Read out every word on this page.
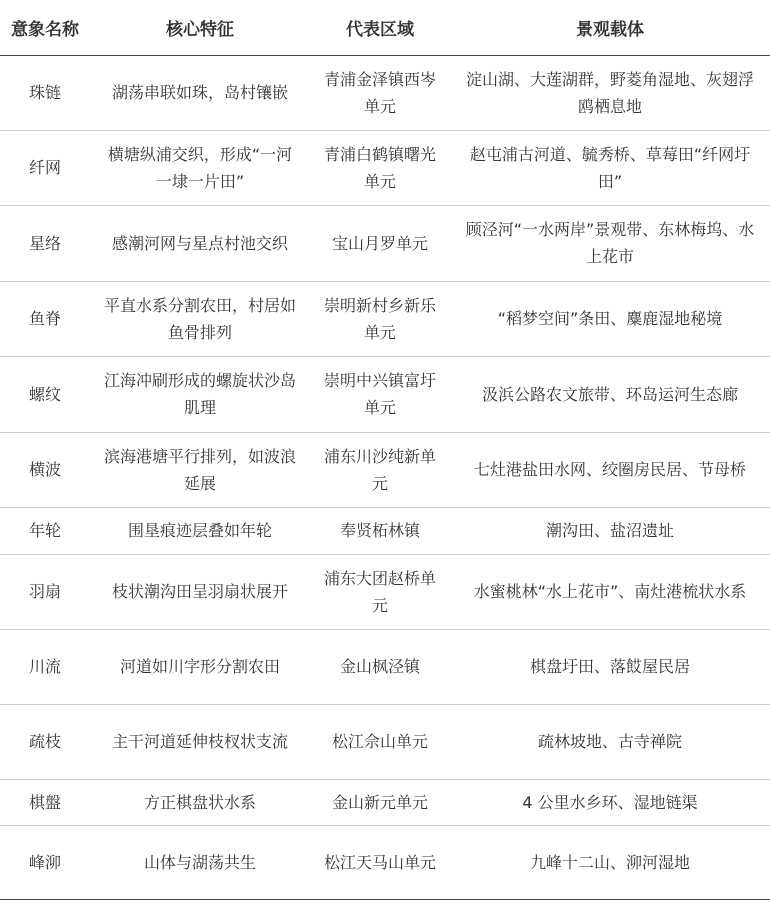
意象名称	核心特征	代表区域	景观载体
珠链	湖荡串联如珠，岛村镶嵌	青浦金泽镇西岑单元	淀山湖、大莲湖群，野菱角湿地、灰翅浮鸥栖息地
纤网	横塘纵浦交织，形成“一河一埭一片田”	青浦白鹤镇曙光单元	赵屯浦古河道、毓秀桥、草莓田“纤网圩田”
星络	感潮河网与星点村池交织	宝山月罗单元	顾泾河“一水两岸”景观带、东林梅坞、水上花市
鱼脊	平直水系分割农田，村居如鱼骨排列	崇明新村乡新乐单元	“稻梦空间”条田、麋鹿湿地秘境
螺纹	江海冲刷形成的螺旋状沙岛肌理	崇明中兴镇富圩单元	汲浜公路农文旅带、环岛运河生态廊
横波	滨海港塘平行排列，如波浪延展	浦东川沙纯新单元	七灶港盐田水网、绞圈房民居、节母桥
年轮	围垦痕迹层叠如年轮	奉贤柘林镇	潮沟田、盐沼遗址
羽扇	枝状潮沟田呈羽扇状展开	浦东大团赵桥单元	水蜜桃林“水上花市”、南灶港梳状水系
川流	河道如川字形分割农田	金山枫泾镇	棋盘圩田、落餀屋民居
疏枝	主干河道延伸枝杈状支流	松江佘山单元	疏林坡地、古寺禅院
棋盤	方正棋盘状水系	金山新元单元	4 公里水乡环、湿地链渠
峰泖	山体与湖荡共生	松江天马山单元	九峰十二山、泖河湿地
